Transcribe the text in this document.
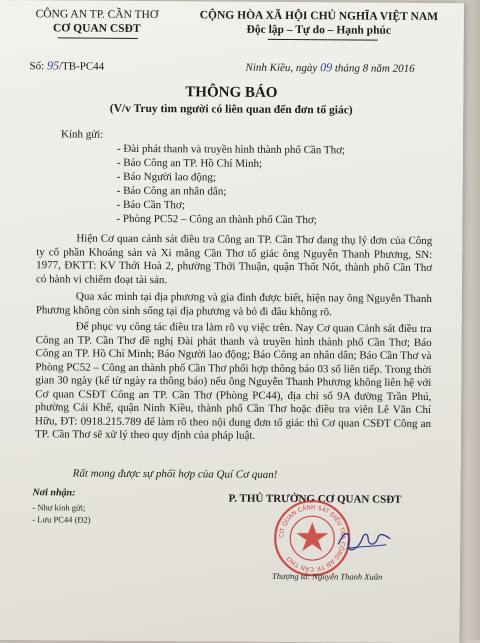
CÔNG AN TP. CẦN THƠ
CƠ QUAN CSĐT
CỘNG HÒA XÃ HỘI CHỦ NGHĨA VIỆT NAM
Độc lập – Tự do – Hạnh phúc
Số: 95/TB-PC44	Ninh Kiều, ngày 09 tháng 8 năm 2016
THÔNG BÁO
(V/v Truy tìm người có liên quan đến đơn tố giác)
Kính gửi:
- Đài phát thanh và truyền hình thành phố Cần Thơ;
- Báo Công an TP. Hồ Chí Minh;
- Báo Người lao động;
- Báo Công an nhân dân;
- Báo Cần Thơ;
- Phòng PC52 – Công an thành phố Cần Thơ;
Hiện Cơ quan cảnh sát điều tra Công an TP. Cần Thơ đang thụ lý đơn của Công ty cổ phần Khoáng sản và Xi măng Cần Thơ tố giác ông Nguyễn Thanh Phương, SN: 1977, ĐKTT: KV Thới Hoà 2, phường Thới Thuận, quận Thốt Nốt, thành phố Cần Thơ có hành vi chiếm đoạt tài sản.
Qua xác minh tại địa phương và gia đình được biết, hiện nay ông Nguyễn Thanh Phương không còn sinh sống tại địa phương và bỏ đi đâu không rõ.
Để phục vụ công tác điều tra làm rõ vụ việc trên. Nay Cơ quan Cảnh sát điều tra Công an TP. Cần Thơ đề nghị Đài phát thanh và truyền hình thành phố Cần Thơ; Báo Công an TP. Hồ Chí Minh; Báo Người lao động; Báo Công an nhân dân; Báo Cần Thơ và Phòng PC52 – Công an thành phố Cần Thơ phối hợp thông báo 03 số liên tiếp. Trong thời gian 30 ngày (kể từ ngày ra thông báo) nếu ông Nguyễn Thanh Phương không liên hệ với Cơ quan CSĐT Công an TP. Cần Thơ (Phòng PC44), địa chỉ số 9A đường Trần Phú, phường Cái Khế, quận Ninh Kiều, thành phố Cần Thơ hoặc điều tra viên Lê Văn Chí Hữu, ĐT: 0918.215.789 để làm rõ theo nội dung đơn tố giác thì Cơ quan CSĐT Công an TP. Cần Thơ sẽ xử lý theo quy định của pháp luật.
Rất mong được sự phối hợp của Quí Cơ quan!
Nơi nhận:
- Như kính gửi;
- Lưu PC44 (Đ2)
P. THỦ TRƯỞNG CƠ QUAN CSĐT
CƠ QUAN CẢNH SÁT ĐIỀU TRA CÔNG AN TP. CẦN THƠ
Thượng tá: Nguyễn Thanh Xuân
